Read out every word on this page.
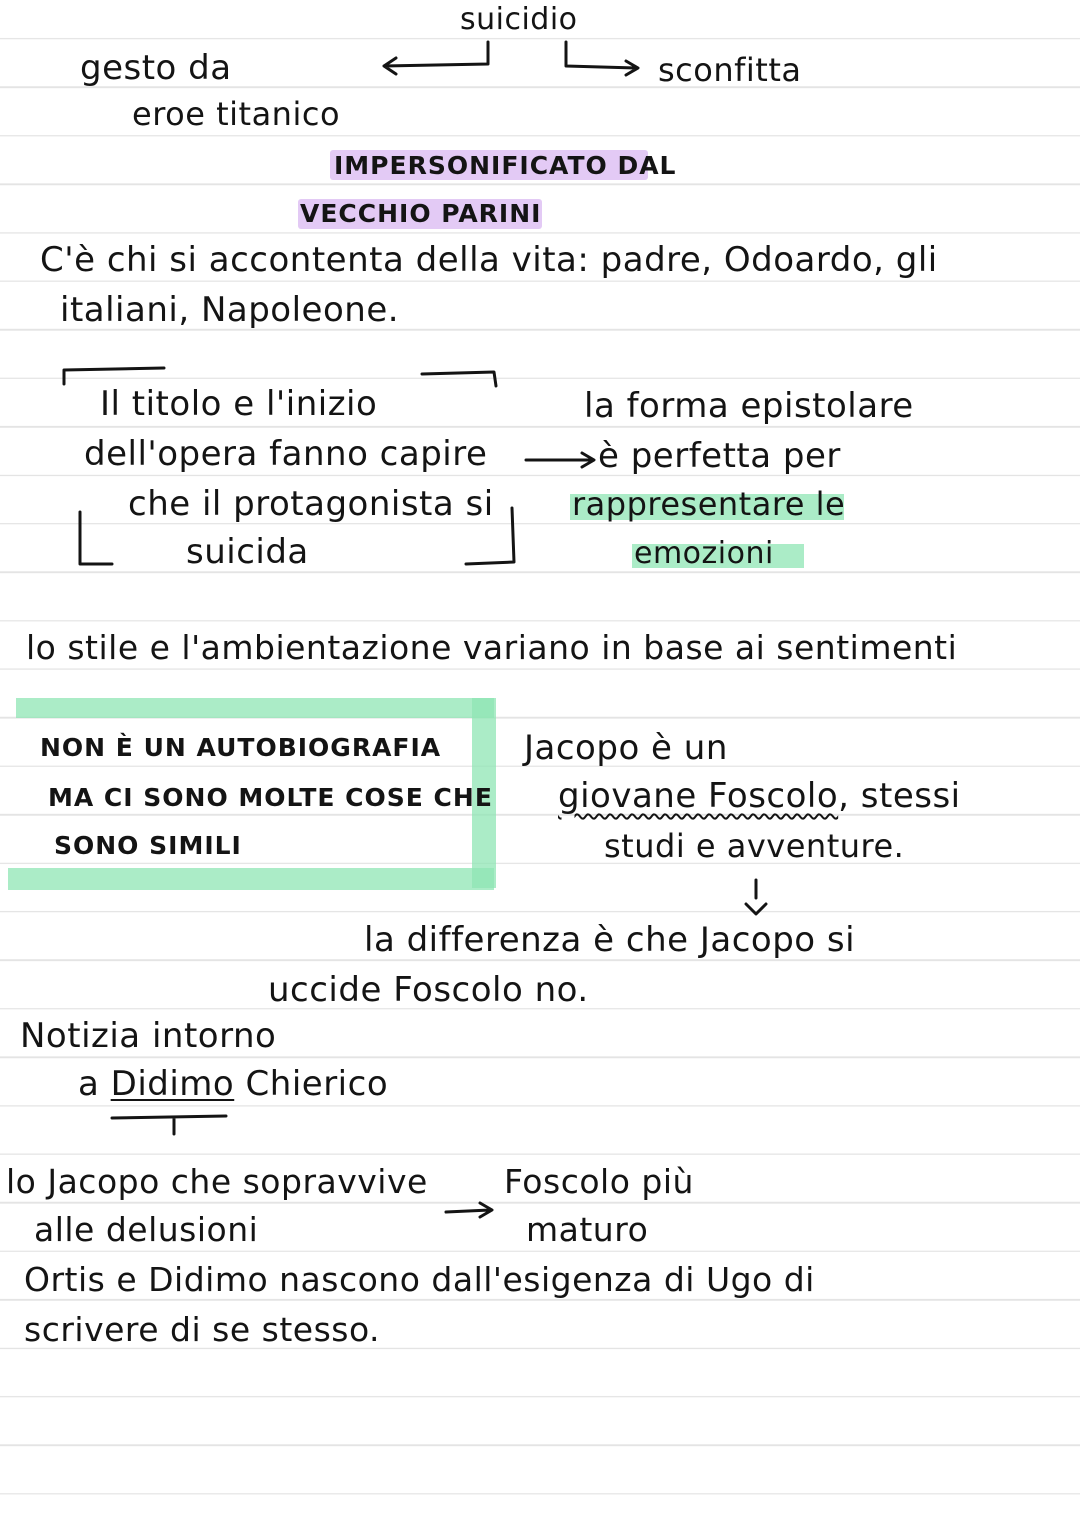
suicidio
gesto da
eroe titanico
sconfitta
IMPERSONIFICATO DAL
VECCHIO PARINI
C'è chi si accontenta della vita: padre, Odoardo, gli
italiani, Napoleone.
Il titolo e l'inizio
dell'opera fanno capire
che il protagonista si
suicida
la forma epistolare
è perfetta per
rappresentare le
emozioni
lo stile e l'ambientazione variano in base ai sentimenti
NON È UN AUTOBIOGRAFIA
MA CI SONO MOLTE COSE CHE
SONO SIMILI
Jacopo è un
giovane Foscolo, stessi
studi e avventure.
la differenza è che Jacopo si
uccide Foscolo no.
Notizia intorno
a Didimo Chierico
lo Jacopo che sopravvive
alle delusioni
Foscolo più
maturo
Ortis e Didimo nascono dall'esigenza di Ugo di
scrivere di se stesso.
